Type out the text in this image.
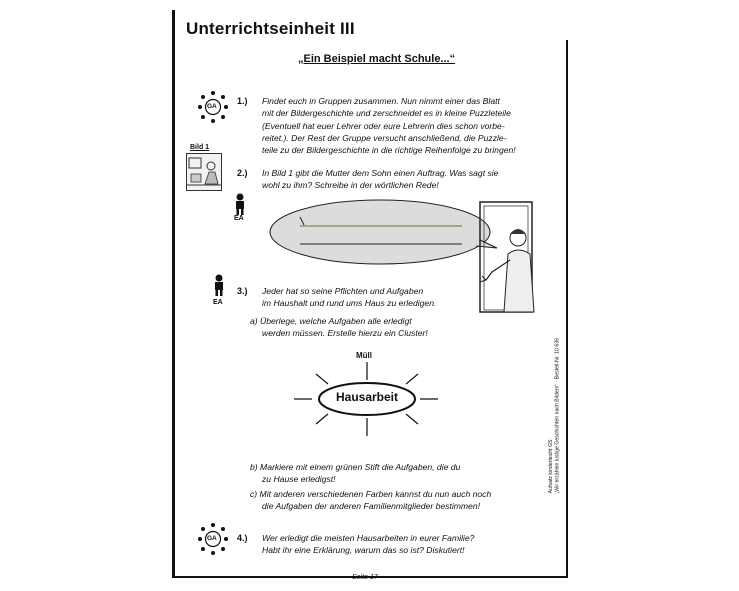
Unterrichtseinheit III
„Ein Beispiel macht Schule...“
GA
1.) Findet euch in Gruppen zusammen. Nun nimmt einer das Blatt
mit der Bildergeschichte und zerschneidet es in kleine Puzzleteile
(Eventuell hat euer Lehrer oder eure Lehrerin dies schon vorbe-
reitet.). Der Rest der Gruppe versucht anschließend, die Puzzle-
teile zu der Bildergeschichte in die richtige Reihenfolge zu bringen!
Bild 1
2.) In Bild 1 gibt die Mutter dem Sohn einen Auftrag. Was sagt sie
wohl zu ihm? Schreibe in der wörtlichen Rede!
EA
EA
3.) Jeder hat so seine Pflichten und Aufgaben
im Haushalt und rund ums Haus zu erledigen.
a) Überlege, welche Aufgaben alle erledigt
werden müssen. Erstelle hierzu ein Cluster!
Müll
Hausarbeit
b) Markiere mit einem grünen Stift die Aufgaben, die du
zu Hause erledigst!
c) Mit anderen verschiedenen Farben kannst du nun auch noch
die Aufgaben der anderen Familienmitglieder bestimmen!
GA 4.) Wer erledigt die meisten Hausarbeiten in eurer Familie?
Habt ihr eine Erklärung, warum das so ist? Diskutiert!
Aufsatz kinderleicht GS „Wir erzählen lustige Geschichten nach Bildern“ · Bestell-Nr. 10 636
Seite 17
